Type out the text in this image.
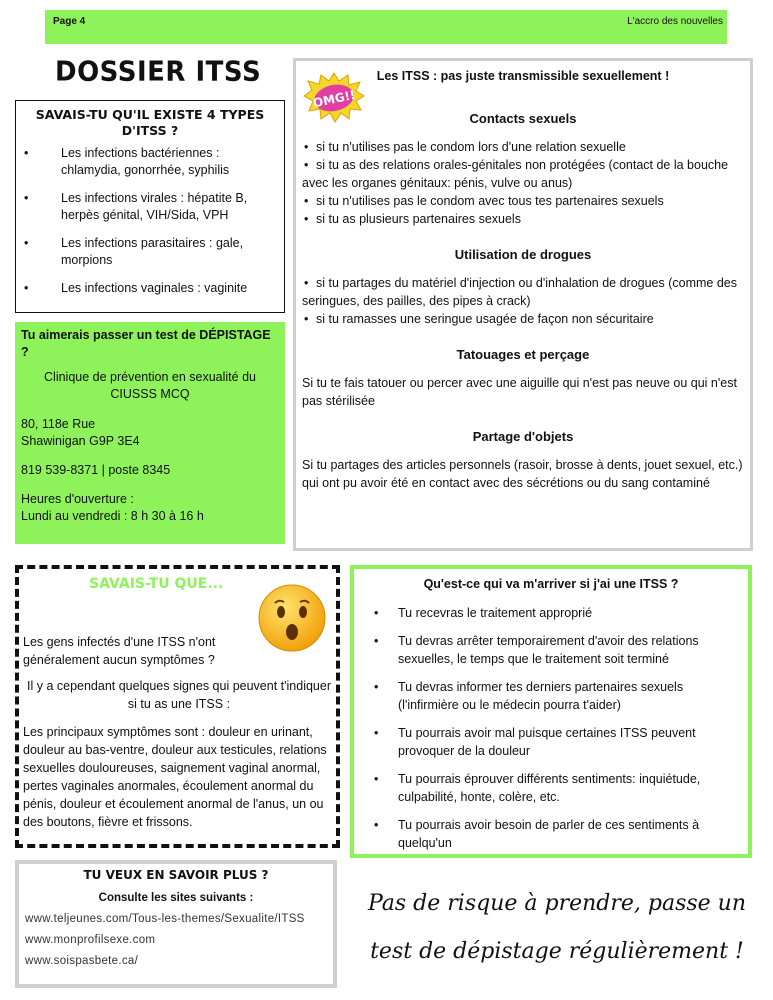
Page 4	L'accro des nouvelles
DOSSIER ITSS
SAVAIS-TU QU'IL EXISTE 4 TYPES D'ITSS ?
• Les infections bactériennes : chlamydia, gonorrhée, syphilis
• Les infections virales : hépatite B, herpès génital, VIH/Sida, VPH
• Les infections parasitaires : gale, morpions
• Les infections vaginales : vaginite
Tu aimerais passer un test de DÉPISTAGE ?
Clinique de prévention en sexualité du CIUSSS MCQ

80, 118e Rue
Shawinigan G9P 3E4

819 539-8371 | poste 8345

Heures d'ouverture :
Lundi au vendredi : 8 h 30 à 16 h

Les ITSS : pas juste transmissible sexuellement !
Contacts sexuels
• si tu n'utilises pas le condom lors d'une relation sexuelle
• si tu as des relations orales-génitales non protégées (contact de la bouche avec les organes génitaux: pénis, vulve ou anus)
• si tu n'utilises pas le condom avec tous tes partenaires sexuels
• si tu as plusieurs partenaires sexuels
Utilisation de drogues
• si tu partages du matériel d'injection ou d'inhalation de drogues (comme des seringues, des pailles, des pipes à crack)
• si tu ramasses une seringue usagée de façon non sécuritaire
Tatouages et perçage
Si tu te fais tatouer ou percer avec une aiguille qui n'est pas neuve ou qui n'est pas stérilisée
Partage d'objets
Si tu partages des articles personnels (rasoir, brosse à dents, jouet sexuel, etc.) qui ont pu avoir été en contact avec des sécrétions ou du sang contaminé
OMG!!
SAVAIS-TU QUE...
Les gens infectés d'une ITSS n'ont généralement aucun symptômes ?
Il y a cependant quelques signes qui peuvent t'indiquer si tu as une ITSS :
Les principaux symptômes sont : douleur en urinant, douleur au bas-ventre, douleur aux testicules, relations sexuelles douloureuses, saignement vaginal anormal, pertes vaginales anormales, écoulement anormal du pénis, douleur et écoulement anormal de l'anus, un ou des boutons, fièvre et frissons.
Qu'est-ce qui va m'arriver si j'ai une ITSS ?
• Tu recevras le traitement approprié
• Tu devras arrêter temporairement d'avoir des relations sexuelles, le temps que le traitement soit terminé
• Tu devras informer tes derniers partenaires sexuels (l'infirmière ou le médecin pourra t'aider)
• Tu pourrais avoir mal puisque certaines ITSS peuvent provoquer de la douleur
• Tu pourrais éprouver différents sentiments: inquiétude, culpabilité, honte, colère, etc.
• Tu pourrais avoir besoin de parler de ces sentiments à quelqu'un
TU VEUX EN SAVOIR PLUS ?
Consulte les sites suivants :
www.teljeunes.com/Tous-les-themes/Sexualite/ITSS
www.monprofilsexe.com
www.soispasbete.ca/
Pas de risque à prendre, passe un test de dépistage régulièrement !
